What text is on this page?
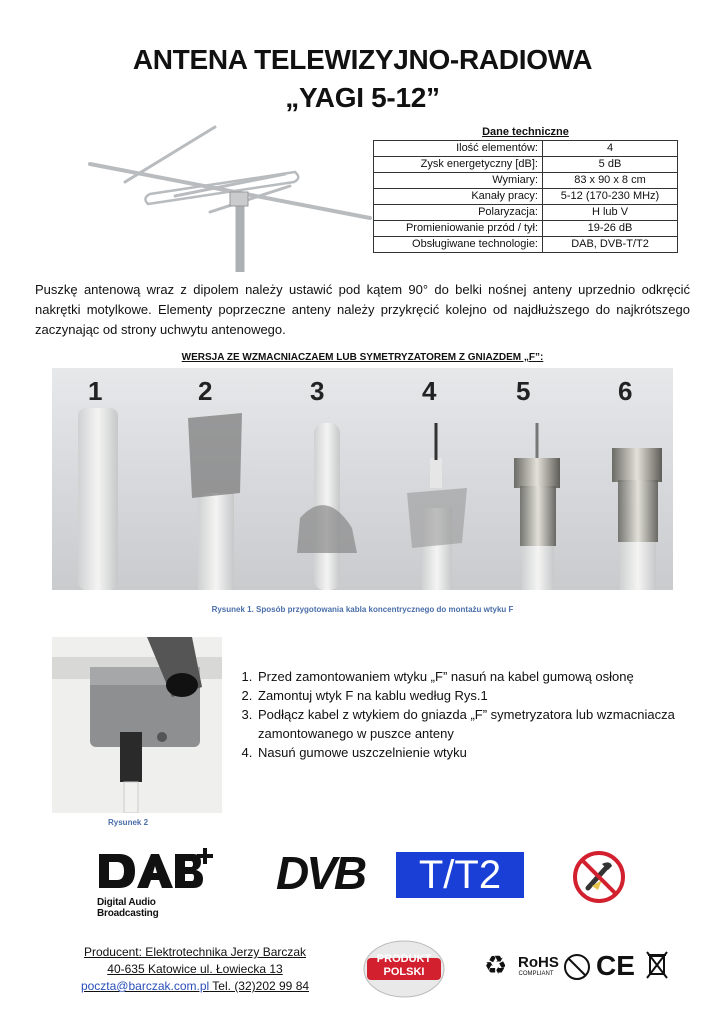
ANTENA TELEWIZYJNO-RADIOWA
„YAGI 5-12”
Dane techniczne
Ilość elementów:	4
Zysk energetyczny [dB]:	5 dB
Wymiary:	83 x 90 x 8 cm
Kanały pracy:	5-12 (170-230 MHz)
Polaryzacja:	H lub V
Promieniowanie przód / tył:	19-26 dB
Obsługiwane technologie:	DAB, DVB-T/T2
Puszkę antenową wraz z dipolem należy ustawić pod kątem 90° do belki nośnej anteny uprzednio odkręcić nakrętki motylkowe. Elementy poprzeczne anteny należy przykręcić kolejno od najdłuższego do najkrótszego zaczynając od strony uchwytu antenowego.
WERSJA ZE WZMACNIACZAEM LUB SYMETRYZATOREM Z GNIAZDEM „F”:
1	2	3	4	5	6
Rysunek 1. Sposób przygotowania kabla koncentrycznego do montażu wtyku F
Rysunek 2
1. Przed zamontowaniem wtyku „F” nasuń na kabel gumową osłonę
2. Zamontuj wtyk F na kablu według Rys.1
3. Podłącz kabel z wtykiem do gniazda „F” symetryzatora lub wzmacniacza zamontowanego w puszce anteny
4. Nasuń gumowe uszczelnienie wtyku
Digital Audio Broadcasting
DVB	T/T2
Producent: Elektrotechnika Jerzy Barczak
40-635 Katowice ul. Łowiecka 13
poczta@barczak.com.pl Tel. (32)202 99 84
PRODUKT
POLSKI	♻ RoHS
COMPLIANT CE
